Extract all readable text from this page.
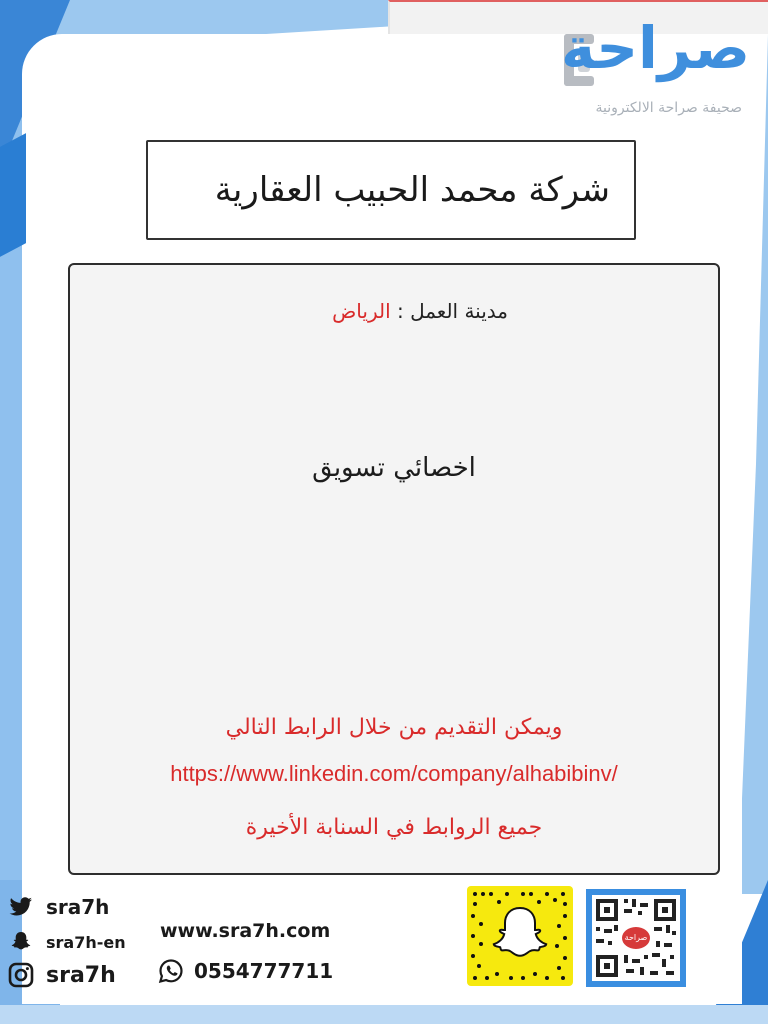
صراحة
صحيفة صراحة الالكترونية
شركة محمد الحبيب العقارية
مدينة العمل : الرياض
اخصائي تسويق
ويمكن التقديم من خلال الرابط التالي
https://www.linkedin.com/company/alhabibinv/
جميع الروابط في السنابة الأخيرة
sra7h
sra7h-en
sra7h
www.sra7h.com
0554777711
صراحة
